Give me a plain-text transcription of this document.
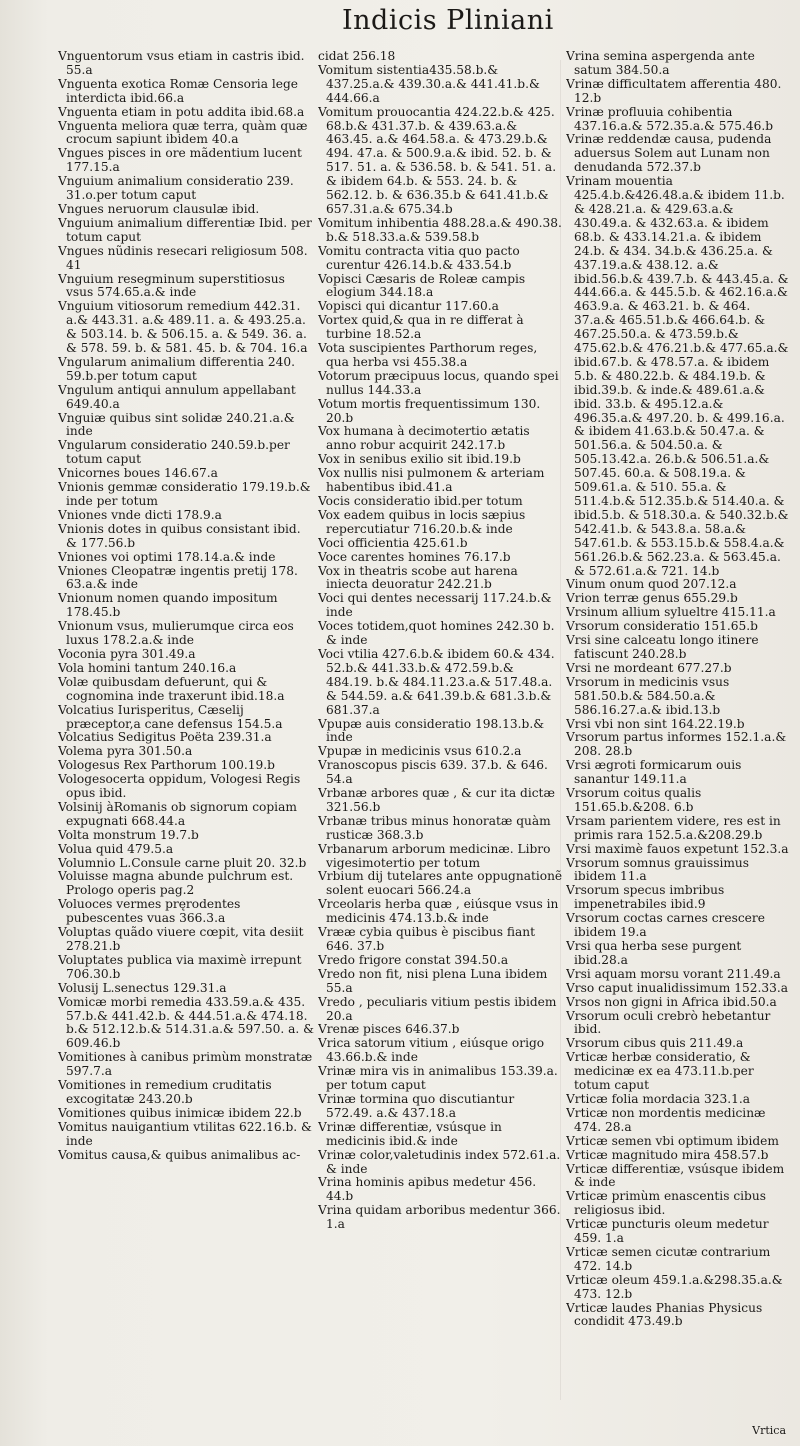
Indicis Pliniani

Vnguentorum vsus etiam in castris ibid. 55.a

Vnguenta exotica Romæ Censoria lege interdicta ibid.66.a

Vnguenta etiam in potu addita ibid.68.a

Vnguenta meliora quæ terra, quàm quæ crocum sapiunt ibidem 40.a

Vngues pisces in ore mãdentium lucent 177.15.a

Vnguium animalium consideratio 239. 31.o.per totum caput

Vngues neruorum clausulæ ibid.

Vnguium animalium differentiæ Ibid. per totum caput

Vngues nũdinis resecari religiosum 508. 41

Vnguium resegminum superstitiosus vsus 574.65.a.& inde

Vnguium vitiosorum remedium 442.31. a.& 443.31. a.& 489.11. a. & 493.25.a. & 503.14. b. & 506.15. a. & 549. 36. a. & 578. 59. b. & 581. 45. b. & 704. 16.a

Vngularum animalium differentia 240. 59.b.per totum caput

Vngulum antiqui annulum appellabant 649.40.a

Vnguiæ quibus sint solidæ 240.21.a.& inde

Vngularum consideratio 240.59.b.per totum caput

Vnicornes boues 146.67.a

Vnionis gemmæ consideratio 179.19.b.& inde per totum

Vniones vnde dicti 178.9.a

Vnionis dotes in quibus consistant ibid. & 177.56.b

Vniones voi optimi 178.14.a.& inde

Vniones Cleopatræ ingentis pretij 178. 63.a.& inde

Vnionum nomen quando impositum 178.45.b

Vnionum vsus, mulierumque circa eos luxus 178.2.a.& inde

Voconia pyra 301.49.a

Vola homini tantum 240.16.a

Volæ quibusdam defuerunt, qui & cognomina inde traxerunt ibid.18.a

Volcatius Iurisperitus, Cæselij præceptor,a cane defensus 154.5.a

Volcatius Sedigitus Poëta 239.31.a

Volema pyra 301.50.a

Vologesus Rex Parthorum 100.19.b

Vologesocerta oppidum, Vologesi Regis opus ibid.

Volsinij àRomanis ob signorum copiam expugnati 668.44.a

Volta monstrum 19.7.b

Volua quid 479.5.a

Volumnio L.Consule carne pluit 20. 32.b

Voluisse magna abunde pulchrum est. Prologo operis pag.2

Voluoces vermes pręrodentes pubescentes vuas 366.3.a

Voluptas quãdo viuere cœpit, vita desiit 278.21.b

Voluptates publica via maximè irrepunt 706.30.b

Volusij L.senectus 129.31.a

Vomicæ morbi remedia 433.59.a.& 435. 57.b.& 441.42.b. & 444.51.a.& 474.18. b.& 512.12.b.& 514.31.a.& 597.50. a. & 609.46.b

Vomitiones à canibus primùm monstratæ 597.7.a

Vomitiones in remedium cruditatis excogitatæ 243.20.b

Vomitiones quibus inimicæ ibidem 22.b

Vomitus nauigantium vtilitas 622.16.b. & inde

Vomitus causa,& quibus animalibus ac-

cidat 256.18

Vomitum sistentia435.58.b.& 437.25.a.& 439.30.a.& 441.41.b.& 444.66.a

Vomitum prouocantia 424.22.b.& 425. 68.b.& 431.37.b. & 439.63.a.& 463.45. a.& 464.58.a. & 473.29.b.& 494. 47.a. & 500.9.a.& ibid. 52. b. & 517. 51. a. & 536.58. b. & 541. 51. a. & ibidem 64.b. & 553. 24. b. & 562.12. b. & 636.35.b & 641.41.b.& 657.31.a.& 675.34.b

Vomitum inhibentia 488.28.a.& 490.38. b.& 518.33.a.& 539.58.b

Vomitu contracta vitia quo pacto curentur 426.14.b.& 433.54.b

Vopisci Cæsaris de Roleæ campis elogium 344.18.a

Vopisci qui dicantur 117.60.a

Vortex quid,& qua in re differat à turbine 18.52.a

Vota suscipientes Parthorum reges, qua herba vsi 455.38.a

Votorum præcipuus locus, quando spei nullus 144.33.a

Votum mortis frequentissimum 130. 20.b

Vox humana à decimotertio ætatis anno robur acquirit 242.17.b

Vox in senibus exilio sit ibid.19.b

Vox nullis nisi pulmonem & arteriam habentibus ibid.41.a

Vocis consideratio ibid.per totum

Vox eadem quibus in locis sæpius repercutiatur 716.20.b.& inde

Voci officientia 425.61.b

Voce carentes homines 76.17.b

Vox in theatris scobe aut harena iniecta deuoratur 242.21.b

Voci qui dentes necessarij 117.24.b.& inde

Voces totidem,quot homines 242.30 b. & inde

Voci vtilia 427.6.b.& ibidem 60.& 434. 52.b.& 441.33.b.& 472.59.b.& 484.19. b.& 484.11.23.a.& 517.48.a. & 544.59. a.& 641.39.b.& 681.3.b.& 681.37.a

Vpupæ auis consideratio 198.13.b.& inde

Vpupæ in medicinis vsus 610.2.a

Vranoscopus piscis 639. 37.b. & 646. 54.a

Vrbanæ arbores quæ , & cur ita dictæ 321.56.b

Vrbanæ tribus minus honoratæ quàm rusticæ 368.3.b

Vrbanarum arborum medicinæ. Libro vigesimotertio per totum

Vrbium dij tutelares ante oppugnationẽ solent euocari 566.24.a

Vrceolaris herba quæ , eiúsque vsus in medicinis 474.13.b.& inde

Vrææ cybia quibus è piscibus fiant 646. 37.b

Vredo frigore constat 394.50.a

Vredo non fit, nisi plena Luna ibidem 55.a

Vredo , peculiaris vitium pestis ibidem 20.a

Vrenæ pisces 646.37.b

Vrica satorum vitium , eiúsque origo 43.66.b.& inde

Vrinæ mira vis in animalibus 153.39.a. per totum caput

Vrinæ tormina quo discutiantur 572.49. a.& 437.18.a

Vrinæ differentiæ, vsúsque in medicinis ibid.& inde

Vrinæ color,valetudinis index 572.61.a. & inde

Vrina hominis apibus medetur 456. 44.b

Vrina quidam arboribus medentur 366. 1.a

Vrina semina aspergenda ante satum 384.50.a

Vrinæ difficultatem afferentia 480. 12.b

Vrinæ profluuia cohibentia 437.16.a.& 572.35.a.& 575.46.b

Vrinæ reddendæ causa, pudenda aduersus Solem aut Lunam non denudanda 572.37.b

Vrinam mouentia 425.4.b.&426.48.a.& ibidem 11.b. & 428.21.a. & 429.63.a.& 430.49.a. & 432.63.a. & ibidem 68.b. & 433.14.21.a. & ibidem 24.b. & 434. 34.b.& 436.25.a. & 437.19.a.& 438.12. a.& ibid.56.b.& 439.7.b. & 443.45.a. & 444.66.a. & 445.5.b. & 462.16.a.& 463.9.a. & 463.21. b. & 464. 37.a.& 465.51.b.& 466.64.b. & 467.25.50.a. & 473.59.b.& 475.62.b.& 476.21.b.& 477.65.a.& ibid.67.b. & 478.57.a. & ibidem 5.b. & 480.22.b. & 484.19.b. & ibid.39.b. & inde.& 489.61.a.& ibid. 33.b. & 495.12.a.& 496.35.a.& 497.20. b. & 499.16.a. & ibidem 41.63.b.& 50.47.a. & 501.56.a. & 504.50.a. & 505.13.42.a. 26.b.& 506.51.a.& 507.45. 60.a. & 508.19.a. & 509.61.a. & 510. 55.a. & 511.4.b.& 512.35.b.& 514.40.a. & ibid.5.b. & 518.30.a. & 540.32.b.& 542.41.b. & 543.8.a. 58.a.& 547.61.b. & 553.15.b.& 558.4.a.& 561.26.b.& 562.23.a. & 563.45.a. & 572.61.a.& 721. 14.b

Vinum onum quod 207.12.a

Vrion terræ genus 655.29.b

Vrsinum allium sylueltre 415.11.a

Vrsorum consideratio 151.65.b

Vrsi sine calceatu longo itinere fatiscunt 240.28.b

Vrsi ne mordeant 677.27.b

Vrsorum in medicinis vsus 581.50.b.& 584.50.a.& 586.16.27.a.& ibid.13.b

Vrsi vbi non sint 164.22.19.b

Vrsorum partus informes 152.1.a.& 208. 28.b

Vrsi ægroti formicarum ouis sanantur 149.11.a

Vrsorum coitus qualis 151.65.b.&208. 6.b

Vrsam parientem videre, res est in primis rara 152.5.a.&208.29.b

Vrsi maximè fauos expetunt 152.3.a

Vrsorum somnus grauissimus ibidem 11.a

Vrsorum specus imbribus impenetrabiles ibid.9

Vrsorum coctas carnes crescere ibidem 19.a

Vrsi qua herba sese purgent ibid.28.a

Vrsi aquam morsu vorant 211.49.a

Vrso caput inualidissimum 152.33.a

Vrsos non gigni in Africa ibid.50.a

Vrsorum oculi crebrò hebetantur ibid.

Vrsorum cibus quis 211.49.a

Vrticæ herbæ consideratio, & medicinæ ex ea 473.11.b.per totum caput

Vrticæ folia mordacia 323.1.a

Vrticæ non mordentis medicinæ 474. 28.a

Vrticæ semen vbi optimum ibidem

Vrticæ magnitudo mira 458.57.b

Vrticæ differentiæ, vsúsque ibidem & inde

Vrticæ primùm enascentis cibus religiosus ibid.

Vrticæ puncturis oleum medetur 459. 1.a

Vrticæ semen cicutæ contrarium 472. 14.b

Vrticæ oleum 459.1.a.&298.35.a.& 473. 12.b

Vrticæ laudes Phanias Physicus condidit 473.49.b

Vrtica
